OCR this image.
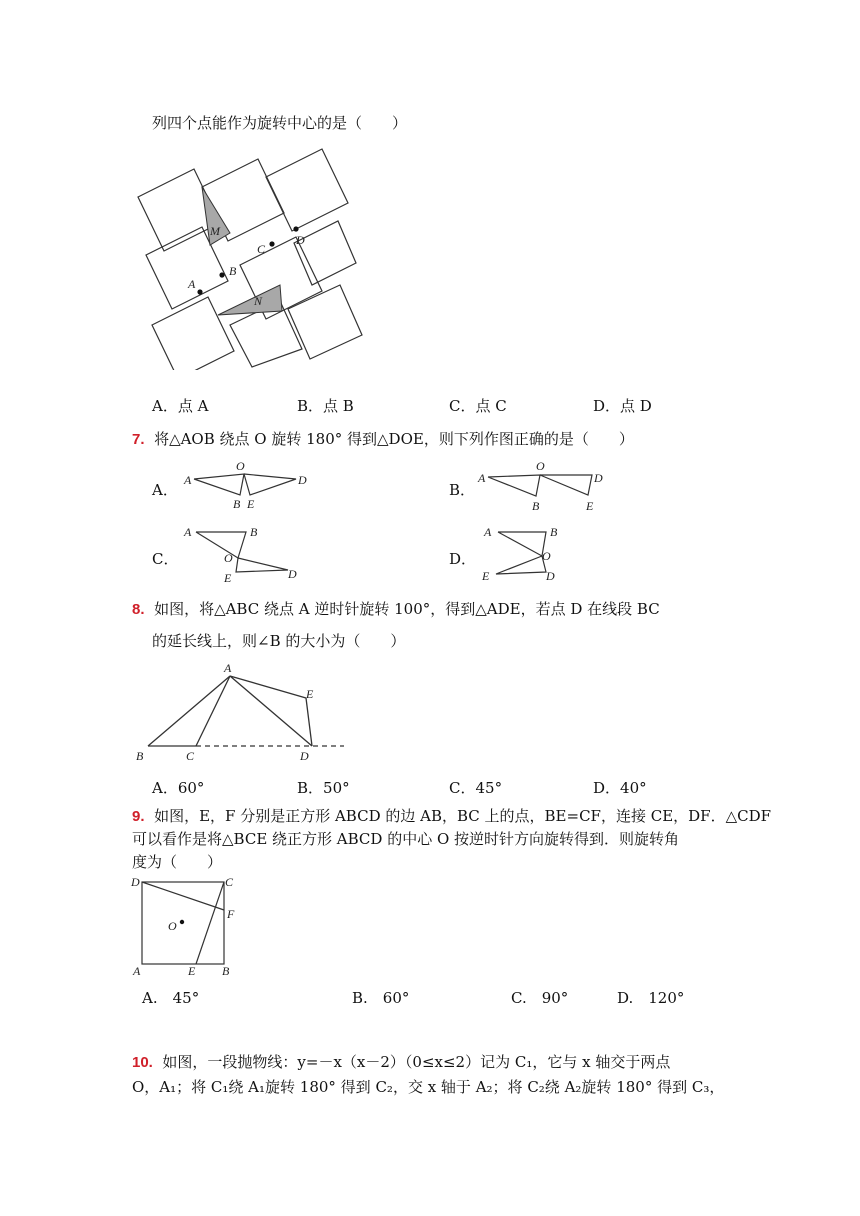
列四个点能作为旋转中心的是（　　）
M
N
A
B
C
D
A．点 A	B．点 B	C．点 C	D．点 D
7. 将△AOB 绕点 O 旋转 180° 得到△DOE，则下列作图正确的是（　　）
A．
A
O
D
B E
B．
A
O
D
B	E
C．
A	B
O
E	D
D．
A	B
O
E	D
8. 如图，将△ABC 绕点 A 逆时针旋转 100°，得到△ADE，若点 D 在线段 BC
的延长线上，则∠B 的大小为（　　）
A
E
B	C	D
A．60°	B．50°	C．45°	D．40°
9. 如图，E，F 分别是正方形 ABCD 的边 AB，BC 上的点，BE=CF，连接 CE，DF．△CDF
可以看作是将△BCE 绕正方形 ABCD 的中心 O 按逆时针方向旋转得到．则旋转角
度为（　　）
D	C
F
O
A	E B
A.　45°	B.　60°	C.　90°	D.　120°
10. 如图，一段抛物线：y=－x（x－2）（0≤x≤2）记为 C₁，它与 x 轴交于两点
O，A₁；将 C₁绕 A₁旋转 180° 得到 C₂，交 x 轴于 A₂；将 C₂绕 A₂旋转 180° 得到 C₃，
